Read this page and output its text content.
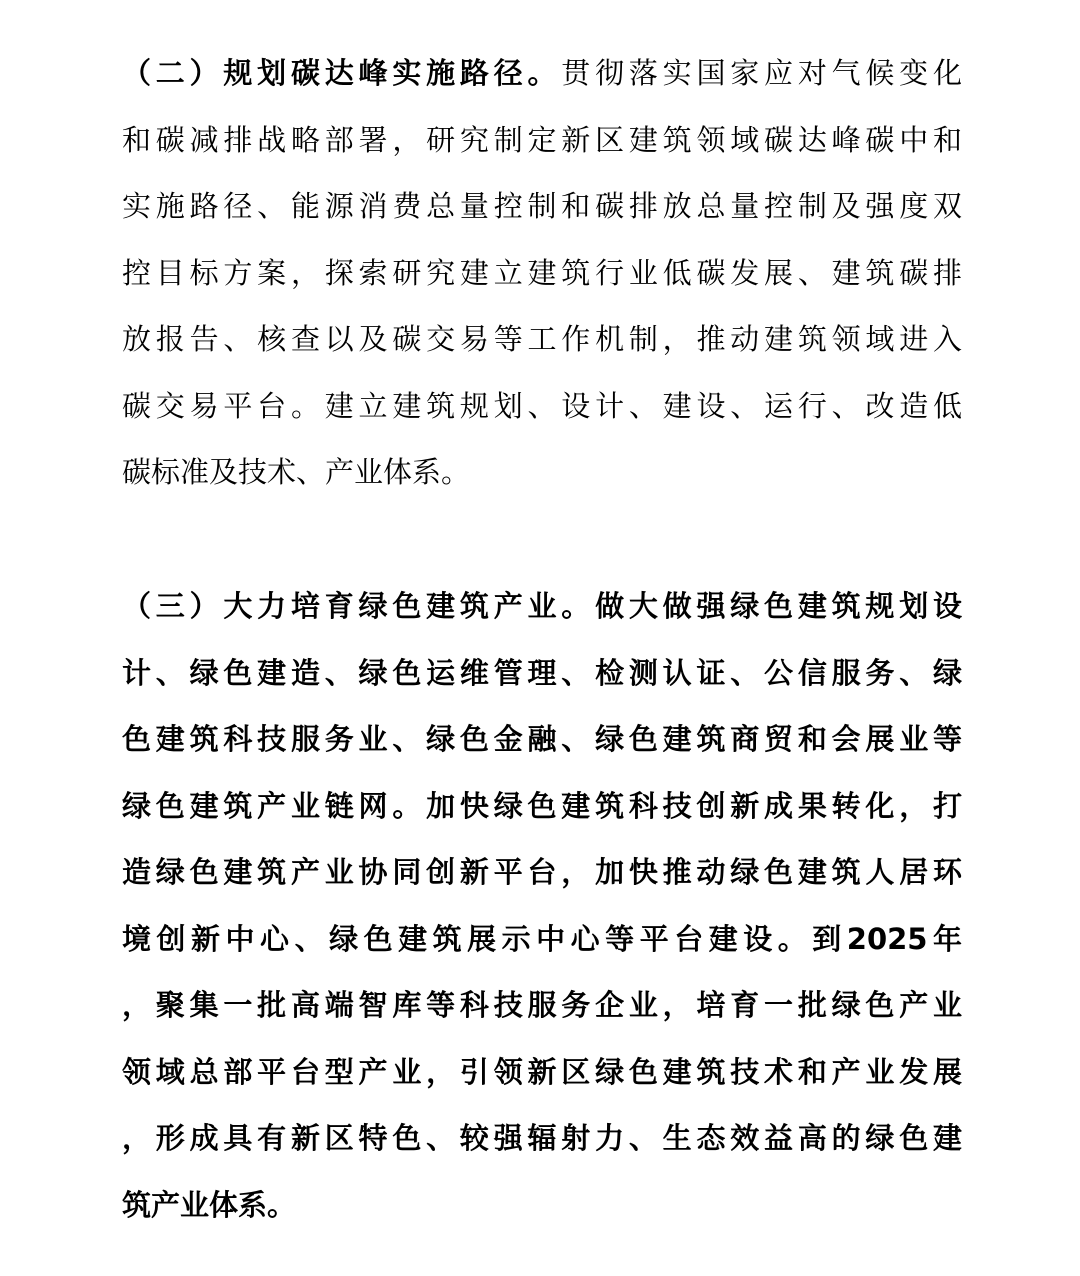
（二）规划碳达峰实施路径。贯彻落实国家应对气候变化
和碳减排战略部署，研究制定新区建筑领域碳达峰碳中和
实施路径、能源消费总量控制和碳排放总量控制及强度双
控目标方案，探索研究建立建筑行业低碳发展、建筑碳排
放报告、核查以及碳交易等工作机制，推动建筑领域进入
碳交易平台。建立建筑规划、设计、建设、运行、改造低
碳标准及技术、产业体系。
（三）大力培育绿色建筑产业。做大做强绿色建筑规划设
计、绿色建造、绿色运维管理、检测认证、公信服务、绿
色建筑科技服务业、绿色金融、绿色建筑商贸和会展业等
绿色建筑产业链网。加快绿色建筑科技创新成果转化，打
造绿色建筑产业协同创新平台，加快推动绿色建筑人居环
境创新中心、绿色建筑展示中心等平台建设。到2025年
，聚集一批高端智库等科技服务企业，培育一批绿色产业
领域总部平台型产业，引领新区绿色建筑技术和产业发展
，形成具有新区特色、较强辐射力、生态效益高的绿色建
筑产业体系。
